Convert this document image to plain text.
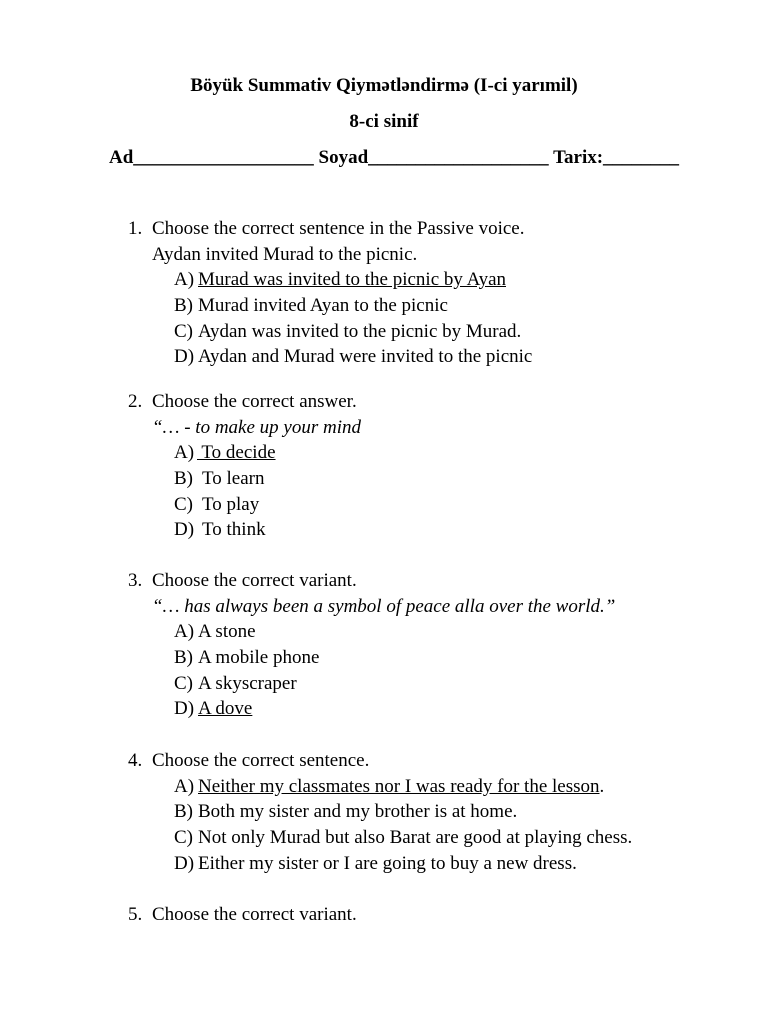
Böyük Summativ Qiymətləndirmə (I-ci yarımil)
8-ci sinif
Ad___________________ Soyad___________________ Tarix:________
1. Choose the correct sentence in the Passive voice.
Aydan invited Murad to the picnic.
A) Murad was invited to the picnic by Ayan
B) Murad invited Ayan to the picnic
C) Aydan was invited to the picnic by Murad.
D) Aydan and Murad were invited to the picnic
2. Choose the correct answer.
“… - to make up your mind
A) To decide
B) To learn
C) To play
D) To think
3. Choose the correct variant.
“… has always been a symbol of peace alla over the world.”
A) A stone
B) A mobile phone
C) A skyscraper
D) A dove
4. Choose the correct sentence.
A) Neither my classmates nor I was ready for the lesson.
B) Both my sister and my brother is at home.
C) Not only Murad but also Barat are good at playing chess.
D) Either my sister or I are going to buy a new dress.
5. Choose the correct variant.
